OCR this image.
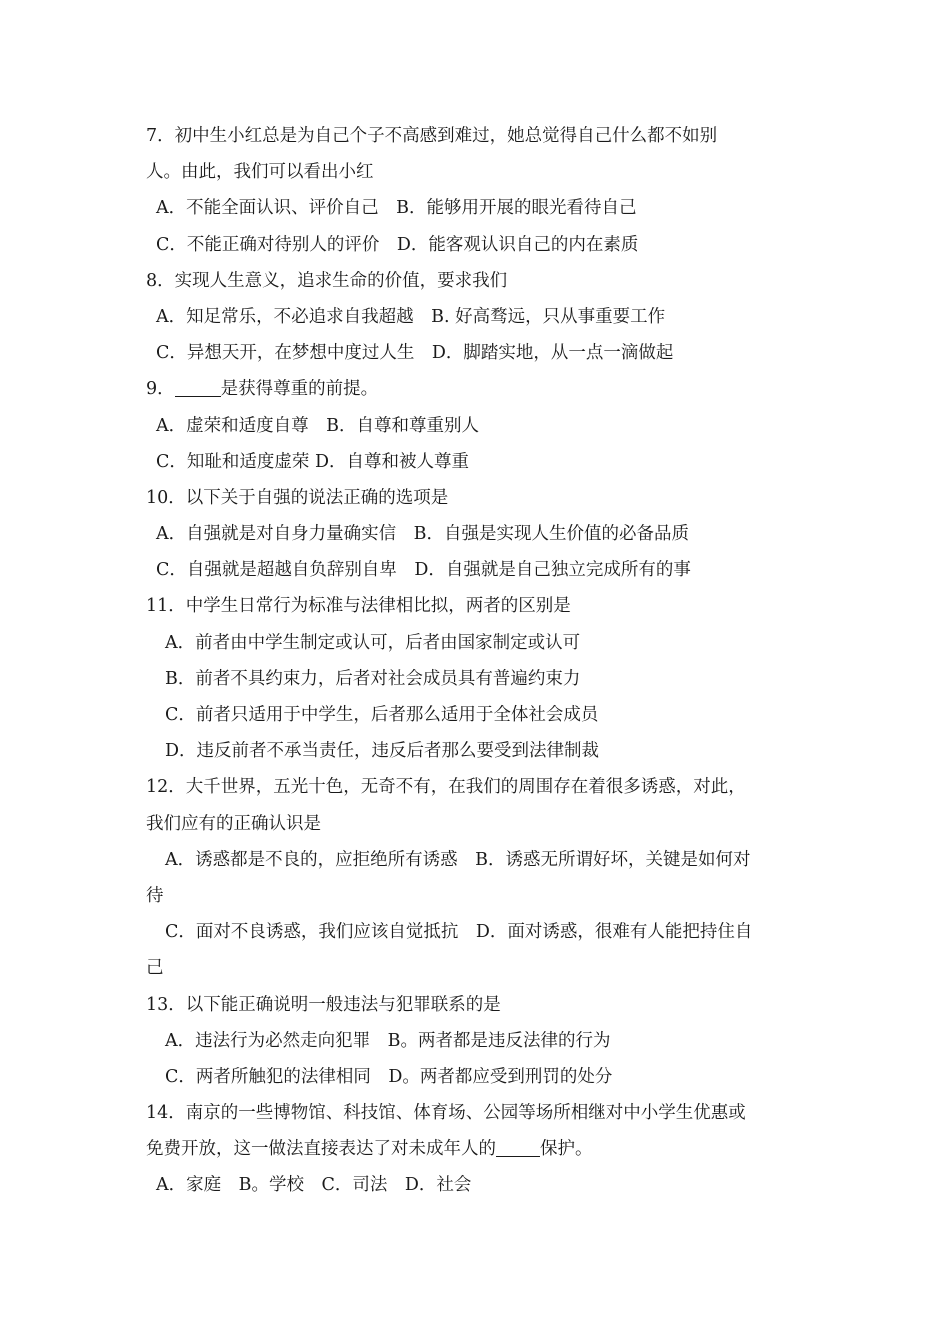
7．初中生小红总是为自己个子不高感到难过，她总觉得自己什么都不如别
人。由此，我们可以看出小红
A．不能全面认识、评价自己　B．能够用开展的眼光看待自己
C．不能正确对待别人的评价　D．能客观认识自己的内在素质
8．实现人生意义，追求生命的价值，要求我们
A．知足常乐，不必追求自我超越　B. 好高骛远，只从事重要工作
C．异想天开，在梦想中度过人生　D．脚踏实地，从一点一滴做起
9．	是获得尊重的前提。
A．虚荣和适度自尊　B．自尊和尊重别人
C．知耻和适度虚荣 D．自尊和被人尊重
10．以下关于自强的说法正确的选项是
A．自强就是对自身力量确实信　B．自强是实现人生价值的必备品质
C．自强就是超越自负辞别自卑　D．自强就是自己独立完成所有的事
11．中学生日常行为标准与法律相比拟，两者的区别是
A．前者由中学生制定或认可，后者由国家制定或认可
B．前者不具约束力，后者对社会成员具有普遍约束力
C．前者只适用于中学生，后者那么适用于全体社会成员
D．违反前者不承当责任，违反后者那么要受到法律制裁
12．大千世界，五光十色，无奇不有，在我们的周围存在着很多诱惑，对此，
我们应有的正确认识是
A．诱惑都是不良的，应拒绝所有诱惑　B．诱惑无所谓好坏，关键是如何对
待
C．面对不良诱惑，我们应该自觉抵抗　D．面对诱惑，很难有人能把持住自
己
13．以下能正确说明一般违法与犯罪联系的是
A．违法行为必然走向犯罪　B。两者都是违反法律的行为
C．两者所触犯的法律相同　D。两者都应受到刑罚的处分
14．南京的一些博物馆、科技馆、体育场、公园等场所相继对中小学生优惠或
免费开放，这一做法直接表达了对未成年人的	保护。
A．家庭　B。学校　C．司法　D．社会
